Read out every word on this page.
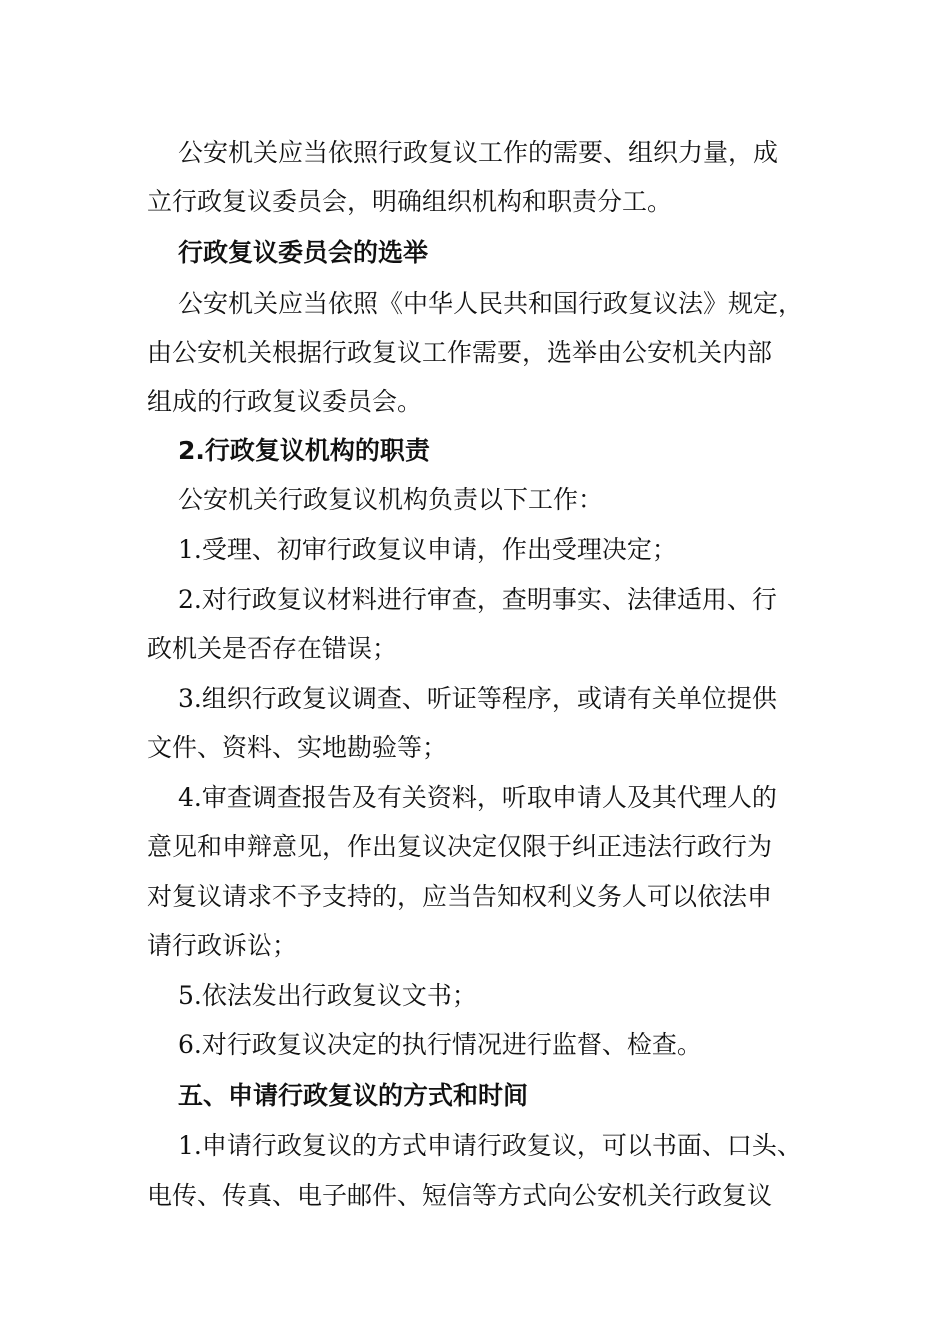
公安机关应当依照行政复议工作的需要、组织力量，成
立行政复议委员会，明确组织机构和职责分工。
行政复议委员会的选举
公安机关应当依照《中华人民共和国行政复议法》规定，
由公安机关根据行政复议工作需要，选举由公安机关内部
组成的行政复议委员会。
2.行政复议机构的职责
公安机关行政复议机构负责以下工作：
1.受理、初审行政复议申请，作出受理决定；
2.对行政复议材料进行审查，查明事实、法律适用、行
政机关是否存在错误；
3.组织行政复议调查、听证等程序，或请有关单位提供
文件、资料、实地勘验等；
4.审查调查报告及有关资料，听取申请人及其代理人的
意见和申辩意见，作出复议决定仅限于纠正违法行政行为
对复议请求不予支持的，应当告知权利义务人可以依法申
请行政诉讼；
5.依法发出行政复议文书；
6.对行政复议决定的执行情况进行监督、检查。
五、申请行政复议的方式和时间
1.申请行政复议的方式申请行政复议，可以书面、口头、
电传、传真、电子邮件、短信等方式向公安机关行政复议
